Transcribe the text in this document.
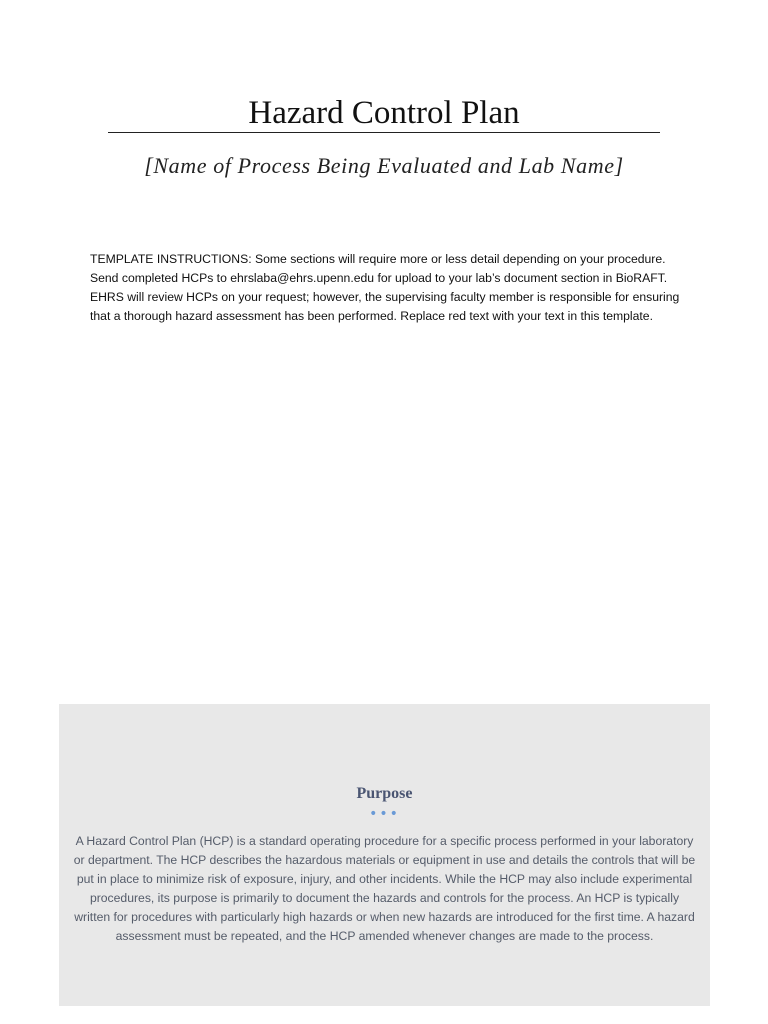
Hazard Control Plan
[Name of Process Being Evaluated and Lab Name]

TEMPLATE INSTRUCTIONS: Some sections will require more or less detail depending on your procedure. Send completed HCPs to ehrslaba@ehrs.upenn.edu for upload to your lab’s document section in BioRAFT. EHRS will review HCPs on your request; however, the supervising faculty member is responsible for ensuring that a thorough hazard assessment has been performed. Replace red text with your text in this template.

Purpose
•••

A Hazard Control Plan (HCP) is a standard operating procedure for a specific process performed in your laboratory or department. The HCP describes the hazardous materials or equipment in use and details the controls that will be put in place to minimize risk of exposure, injury, and other incidents. While the HCP may also include experimental procedures, its purpose is primarily to document the hazards and controls for the process. An HCP is typically written for procedures with particularly high hazards or when new hazards are introduced for the first time. A hazard assessment must be repeated, and the HCP amended whenever changes are made to the process.
